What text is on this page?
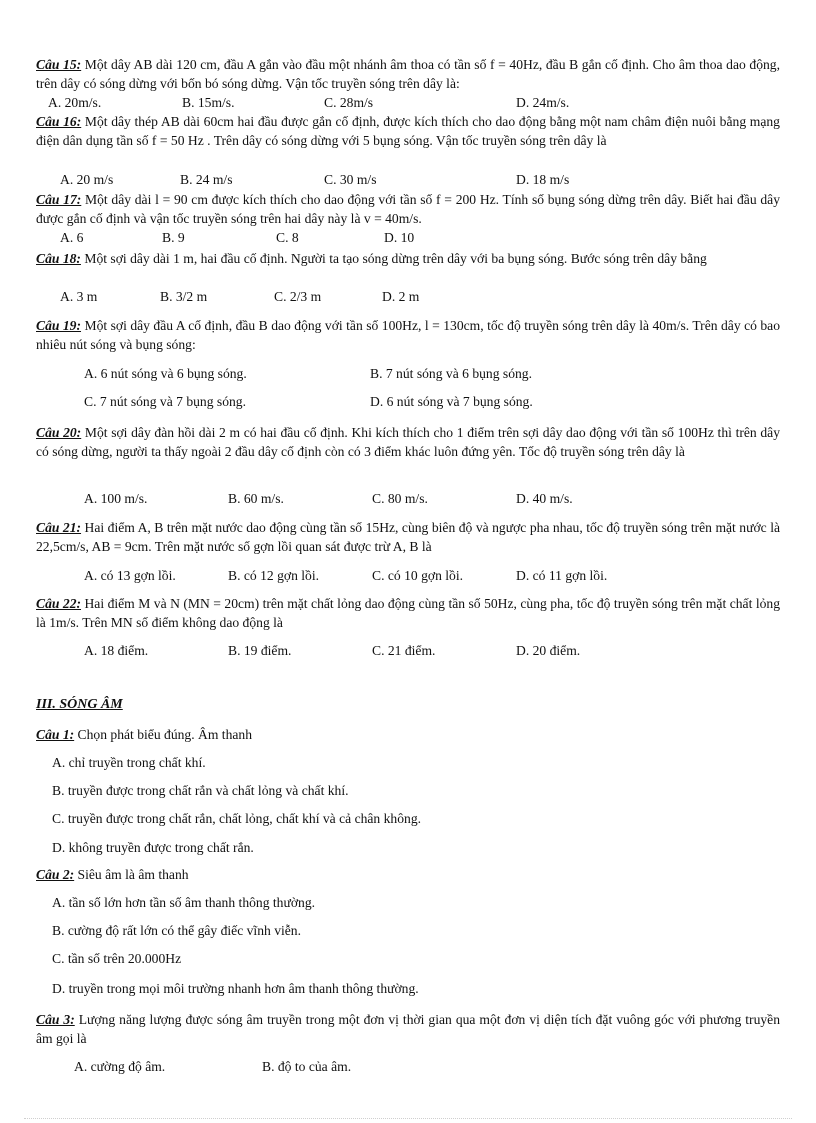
Câu 15: Một dây AB dài 120 cm, đầu A gắn vào đầu một nhánh âm thoa có tần số f = 40Hz, đầu B gắn cố định. Cho âm thoa dao động, trên dây có sóng dừng với bốn bó sóng dừng. Vận tốc truyền sóng trên dây là:
A. 20m/s.	B. 15m/s.	C. 28m/s	D. 24m/s.
Câu 16: Một dây thép AB dài 60cm hai đầu được gắn cố định, được kích thích cho dao động bằng một nam châm điện nuôi bằng mạng điện dân dụng tần số f = 50 Hz . Trên dây có sóng dừng với 5 bụng sóng. Vận tốc truyền sóng trên dây là
A. 20 m/s	B. 24 m/s	C. 30 m/s	D. 18 m/s
Câu 17: Một dây dài l = 90 cm được kích thích cho dao động với tần số f = 200 Hz. Tính số bụng sóng dừng trên dây. Biết hai đầu dây được gắn cố định và vận tốc truyền sóng trên hai dây này là v = 40m/s.
A. 6	B. 9	C. 8	D. 10
Câu 18: Một sợi dây dài 1 m, hai đầu cố định. Người ta tạo sóng dừng trên dây với ba bụng sóng. Bước sóng trên dây bằng
A. 3 m	B. 3/2 m	C. 2/3 m	D. 2 m
Câu 19: Một sợi dây đầu A cố định, đầu B dao động với tần số 100Hz, l = 130cm, tốc độ truyền sóng trên dây là 40m/s. Trên dây có bao nhiêu nút sóng và bụng sóng:
A. 6 nút sóng và 6 bụng sóng.	B. 7 nút sóng và 6 bụng sóng.
C. 7 nút sóng và 7 bụng sóng.	D. 6 nút sóng và 7 bụng sóng.
Câu 20: Một sợi dây đàn hồi dài 2 m có hai đầu cố định. Khi kích thích cho 1 điểm trên sợi dây dao động với tần số 100Hz thì trên dây có sóng dừng, người ta thấy ngoài 2 đầu dây cố định còn có 3 điểm khác luôn đứng yên. Tốc độ truyền sóng trên dây là
A. 100 m/s.	B. 60 m/s.	C. 80 m/s.	D. 40 m/s.
Câu 21: Hai điểm A, B trên mặt nước dao động cùng tần số 15Hz, cùng biên độ và ngược pha nhau, tốc độ truyền sóng trên mặt nước là 22,5cm/s, AB = 9cm. Trên mặt nước số gợn lồi quan sát được trừ A, B là
A. có 13 gợn lồi.	B. có 12 gợn lồi.	C. có 10 gợn lồi.	D. có 11 gợn lồi.
Câu 22: Hai điểm M và N (MN = 20cm) trên mặt chất lỏng dao động cùng tần số 50Hz, cùng pha, tốc độ truyền sóng trên mặt chất lỏng là 1m/s. Trên MN số điểm không dao động là
A. 18 điểm.	B. 19 điểm.	C. 21 điểm.	D. 20 điểm.
III. SÓNG ÂM
Câu 1: Chọn phát biểu đúng. Âm thanh
A. chỉ truyền trong chất khí.
B. truyền được trong chất rắn và chất lỏng và chất khí.
C. truyền được trong chất rắn, chất lỏng, chất khí và cả chân không.
D. không truyền được trong chất rắn.
Câu 2: Siêu âm là âm thanh
A. tần số lớn hơn tần số âm thanh thông thường.
B. cường độ rất lớn có thể gây điếc vĩnh viễn.
C. tần số trên 20.000Hz
D. truyền trong mọi môi trường nhanh hơn âm thanh thông thường.
Câu 3: Lượng năng lượng được sóng âm truyền trong một đơn vị thời gian qua một đơn vị diện tích đặt vuông góc với phương truyền âm gọi là
A. cường độ âm.	B. độ to của âm.
